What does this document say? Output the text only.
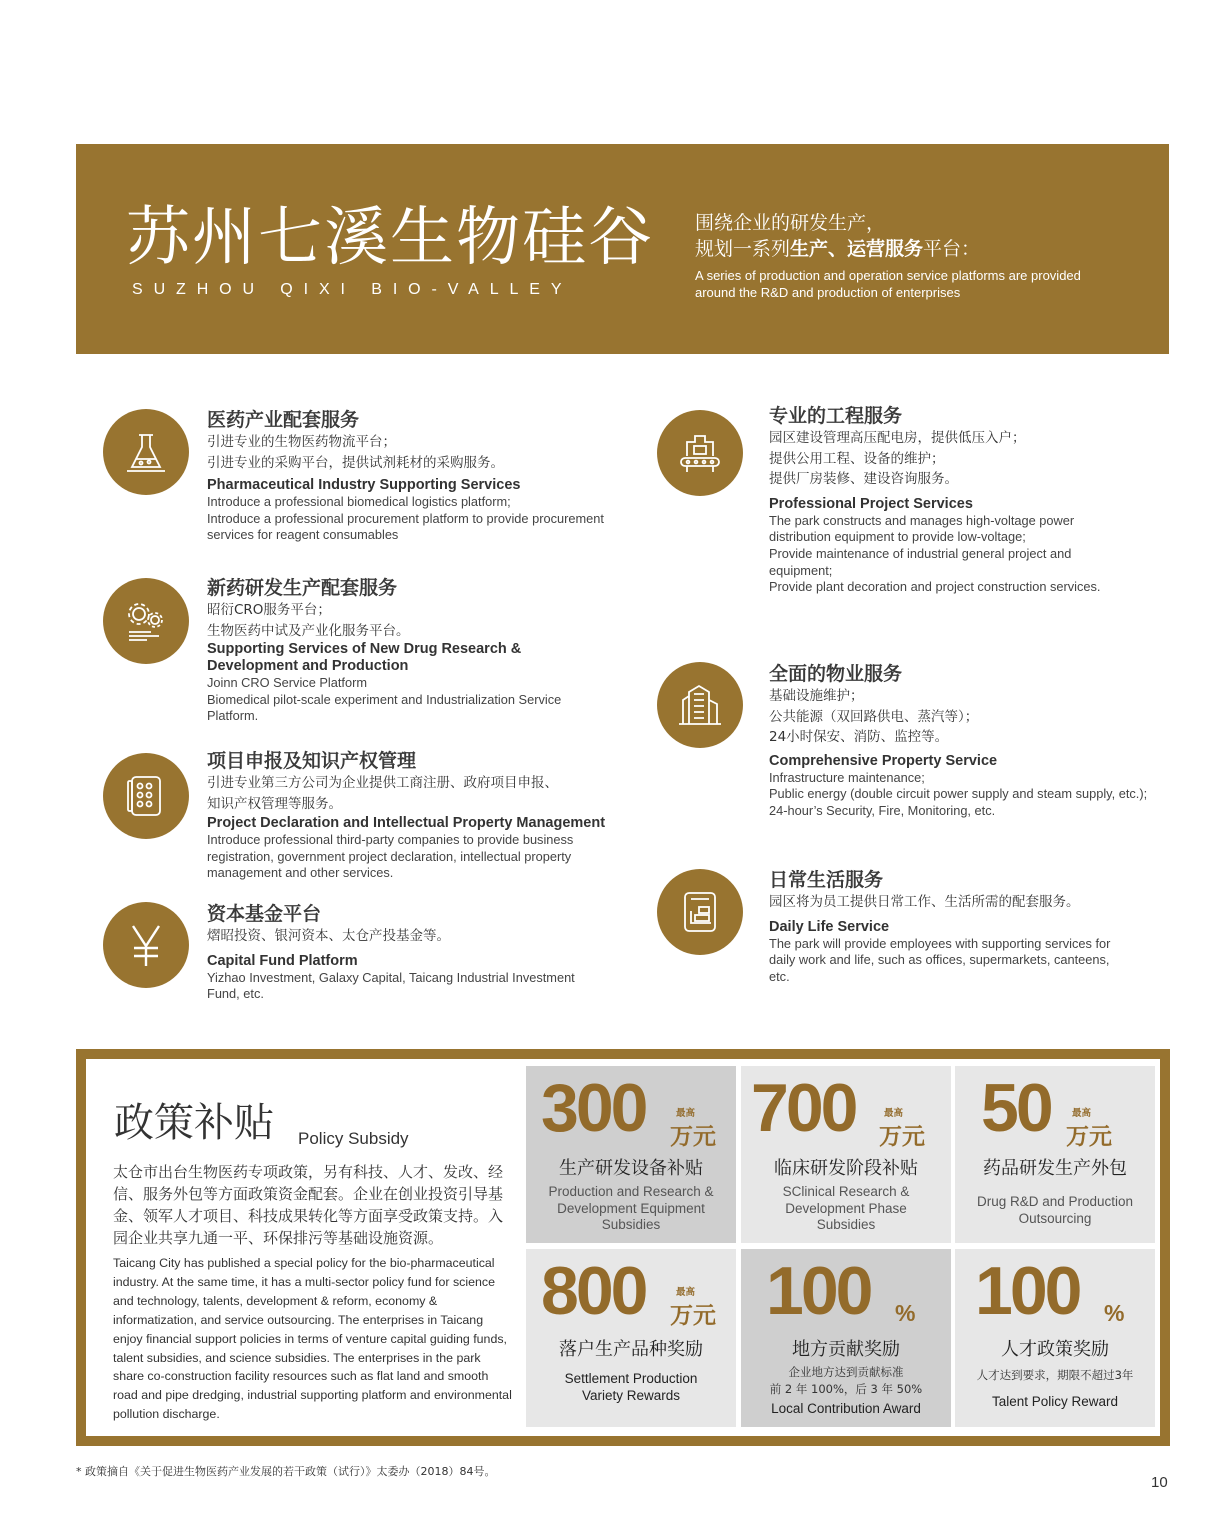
苏州七溪生物硅谷
SUZHOU QIXI BIO-VALLEY
围绕企业的研发生产，
规划一系列生产、运营服务平台：
A series of production and operation service platforms are provided
around the R&D and production of enterprises
医药产业配套服务
引进专业的生物医药物流平台；
引进专业的采购平台，提供试剂耗材的采购服务。
Pharmaceutical Industry Supporting Services
Introduce a professional biomedical logistics platform;
Introduce a professional procurement platform to provide procurement
services for reagent consumables
新药研发生产配套服务
昭衍CRO服务平台；
生物医药中试及产业化服务平台。
Supporting Services of New Drug Research &
Development and Production
Joinn CRO Service Platform
Biomedical pilot-scale experiment and Industrialization Service
Platform.
项目申报及知识产权管理
引进专业第三方公司为企业提供工商注册、政府项目申报、
知识产权管理等服务。
Project Declaration and Intellectual Property Management
Introduce professional third-party companies to provide business
registration, government project declaration, intellectual property
management and other services.
资本基金平台
熠昭投资、银河资本、太仓产投基金等。
Capital Fund Platform
Yizhao Investment, Galaxy Capital, Taicang Industrial Investment
Fund, etc.
专业的工程服务
园区建设管理高压配电房，提供低压入户；
提供公用工程、设备的维护；
提供厂房装修、建设咨询服务。
Professional Project Services
The park constructs and manages high-voltage power
distribution equipment to provide low-voltage;
Provide maintenance of industrial general project and
equipment;
Provide plant decoration and project construction services.
全面的物业服务
基础设施维护；
公共能源（双回路供电、蒸汽等）；
24小时保安、消防、监控等。
Comprehensive Property Service
Infrastructure maintenance;
Public energy (double circuit power supply and steam supply, etc.);
24-hour’s Security, Fire, Monitoring, etc.
日常生活服务
园区将为员工提供日常工作、生活所需的配套服务。
Daily Life Service
The park will provide employees with supporting services for
daily work and life, such as offices, supermarkets, canteens,
etc.
政策补贴 Policy Subsidy
太仓市出台生物医药专项政策，另有科技、人才、发改、经信、服务外包等方面政策资金配套。企业在创业投资引导基金、领军人才项目、科技成果转化等方面享受政策支持。入园企业共享九通一平、环保排污等基础设施资源。
Taicang City has published a special policy for the bio-pharmaceutical industry. At the same time, it has a multi-sector policy fund for science and technology, talents, development & reform, economy & informatization, and service outsourcing. The enterprises in Taicang enjoy financial support policies in terms of venture capital guiding funds, talent subsidies, and science subsidies. The enterprises in the park share co-construction facility resources such as flat land and smooth road and pipe dredging, industrial supporting platform and environmental pollution discharge.
300	最高
万元
生产研发设备补贴
Production and Research &
Development Equipment
Subsidies
700	最高
万元
临床研发阶段补贴
SClinical Research &
Development Phase
Subsidies
50 最高
万元
药品研发生产外包
Drug R&D and Production
Outsourcing
800	最高
万元
落户生产品种奖励
Settlement Production
Variety Rewards
100 %
地方贡献奖励
企业地方达到贡献标准
前 2 年 100%，后 3 年 50%
Local Contribution Award
100 %
人才政策奖励
人才达到要求，期限不超过3年
Talent Policy Reward
* 政策摘自《关于促进生物医药产业发展的若干政策（试行）》太委办（2018）84号。
10
